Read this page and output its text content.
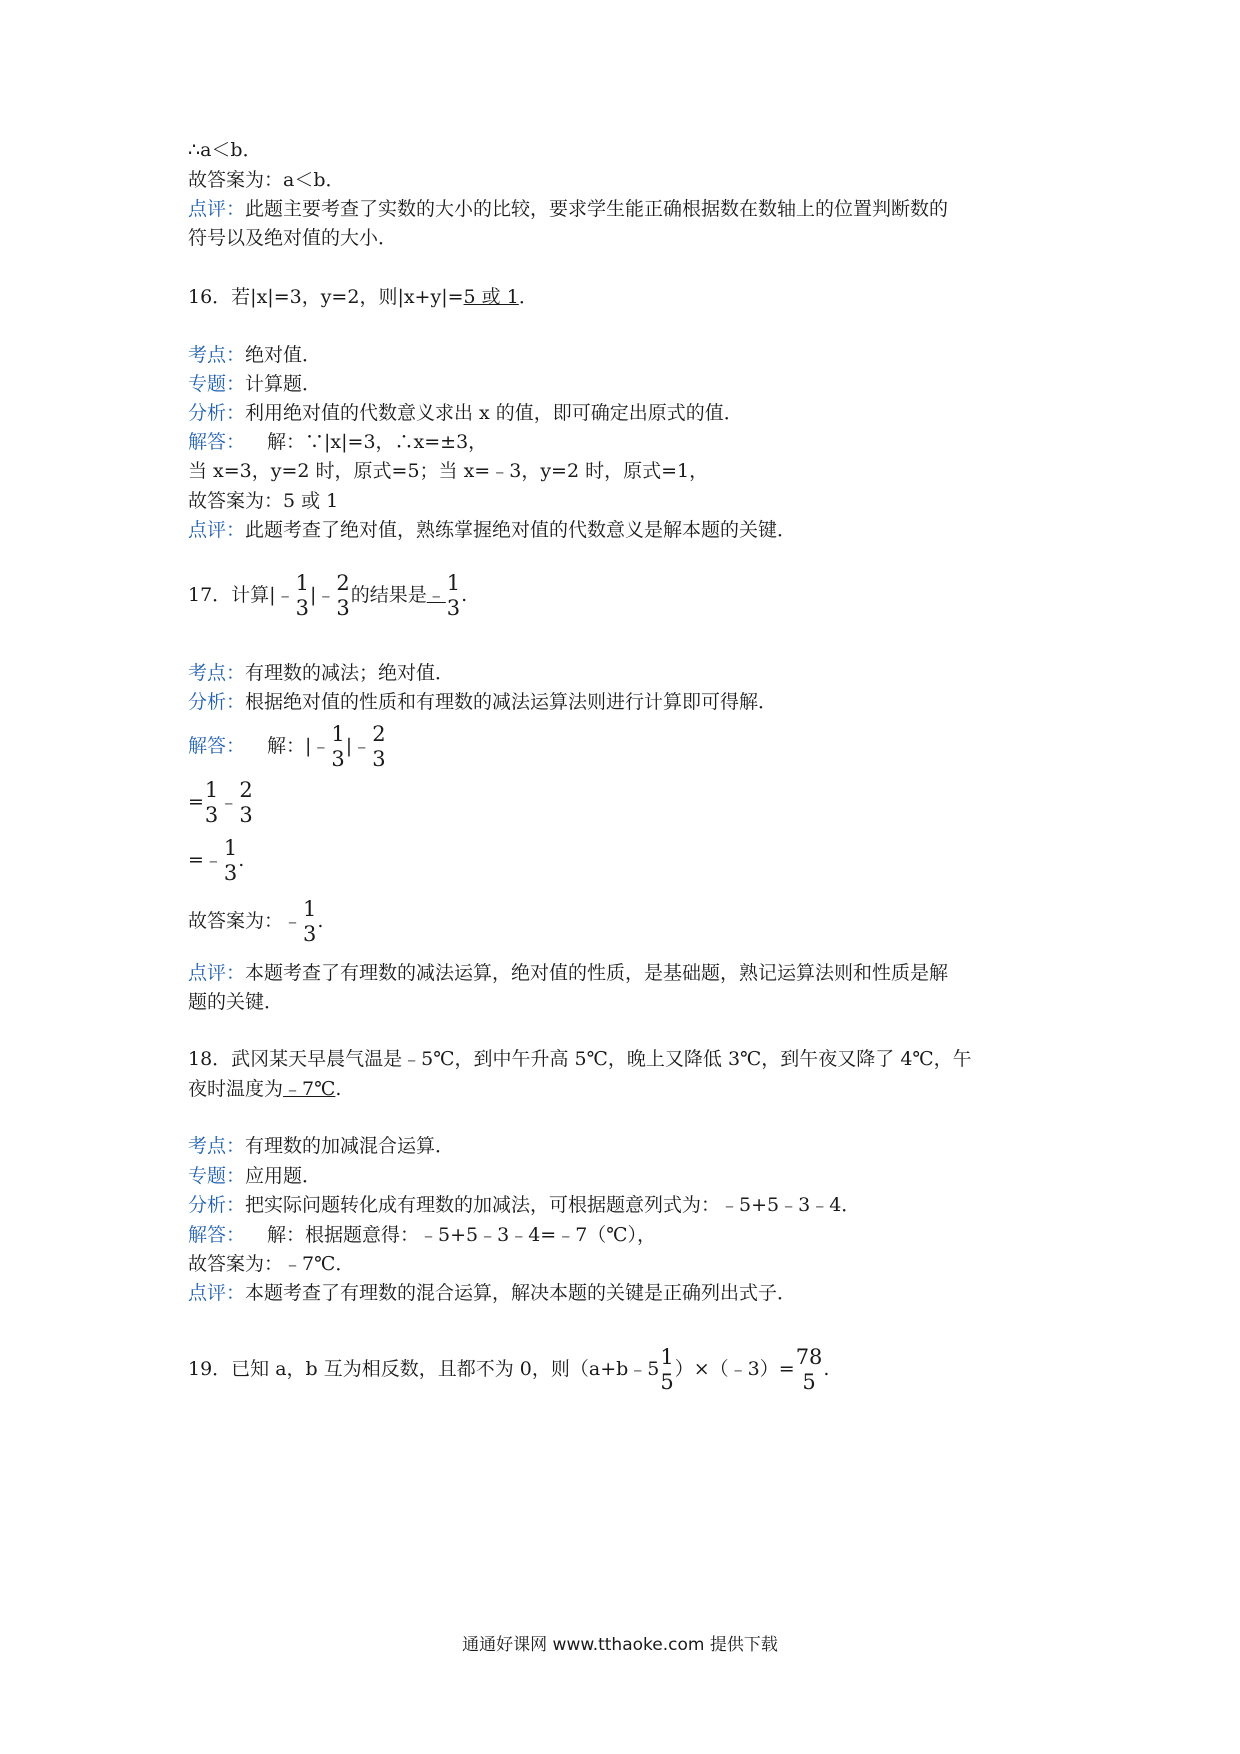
∴a＜b．
故答案为：a＜b．
点评：此题主要考查了实数的大小的比较，要求学生能正确根据数在数轴上的位置判断数的
符号以及绝对值的大小．
16．若|x|=3，y=2，则|x+y|=5 或 1．
考点：绝对值．
专题：计算题．
分析：利用绝对值的代数意义求出 x 的值，即可确定出原式的值．
解答： 解：∵|x|=3，∴x=±3，
当 x=3，y=2 时，原式=5；当 x=﹣3，y=2 时，原式=1，
故答案为：5 或 1
点评：此题考查了绝对值，熟练掌握绝对值的代数意义是解本题的关键．
17．计算|﹣ 1
3
|﹣ 2
3
的结果是﹣ 1
3
.
考点：有理数的减法；绝对值．
分析：根据绝对值的性质和有理数的减法运算法则进行计算即可得解．
解答： 解：|﹣ 1
3
|﹣ 2
3
= 1
3
﹣ 2
3
=﹣ 1
3
.
故答案为：﹣ 1
3
.
点评：本题考查了有理数的减法运算，绝对值的性质，是基础题，熟记运算法则和性质是解
题的关键．
18．武冈某天早晨气温是﹣5℃，到中午升高 5℃，晚上又降低 3℃，到午夜又降了 4℃，午
夜时温度为﹣7℃.
考点：有理数的加减混合运算．
专题：应用题．
分析：把实际问题转化成有理数的加减法，可根据题意列式为：﹣5+5﹣3﹣4．
解答： 解：根据题意得：﹣5+5﹣3﹣4=﹣7（℃），
故答案为：﹣7℃．
点评：本题考查了有理数的混合运算，解决本题的关键是正确列出式子．
19．已知 a，b 互为相反数，且都不为 0，则（a+b﹣5 1
5
）×（﹣3）= 78
5
.
通通好课网 www.tthaoke.com 提供下载
